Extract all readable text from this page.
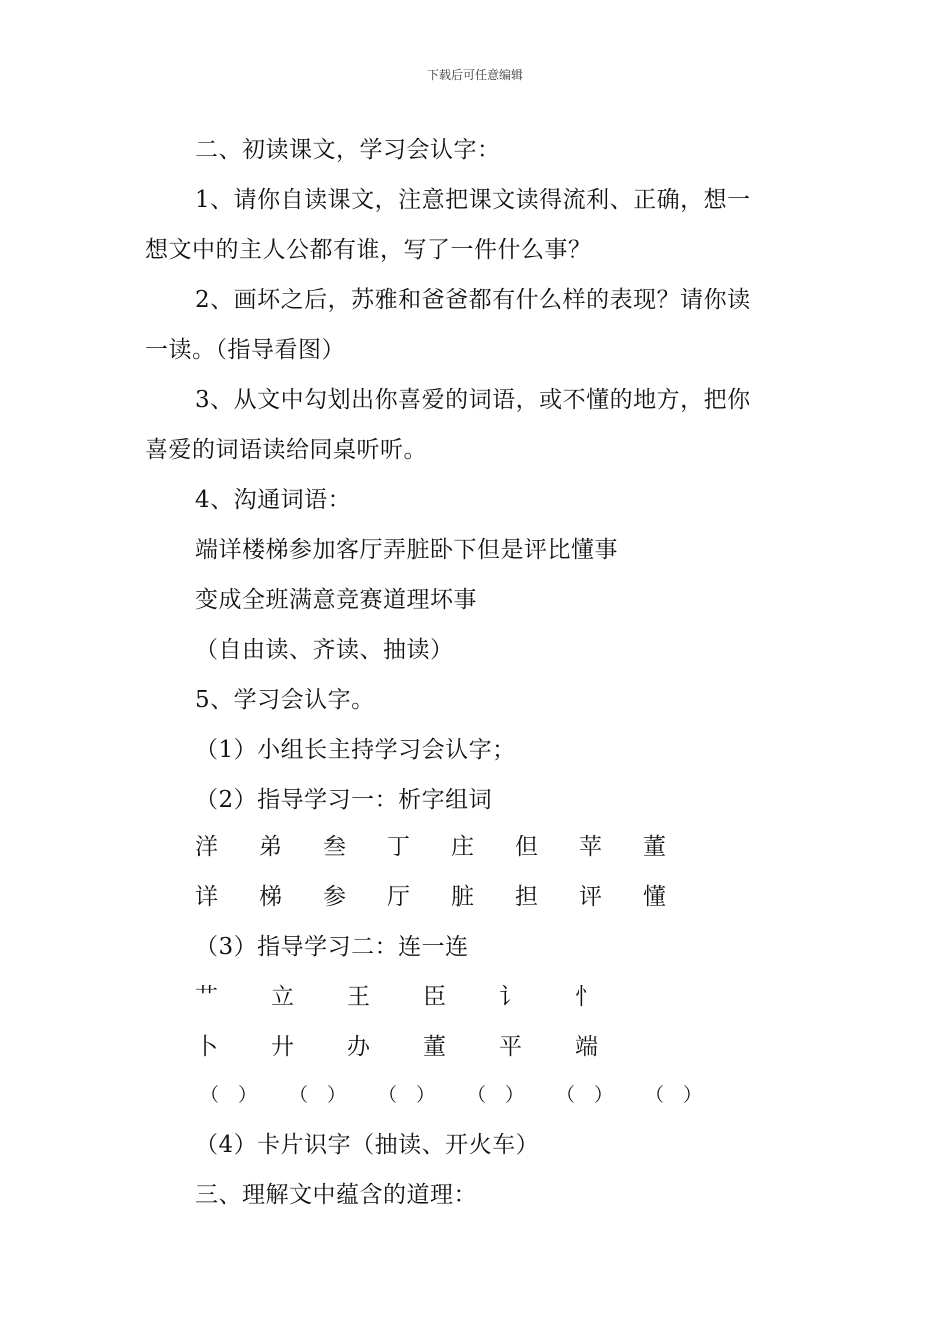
下载后可任意编辑
二、初读课文，学习会认字：
1、请你自读课文，注意把课文读得流利、正确，想一
想文中的主人公都有谁，写了一件什么事？
2、画坏之后，苏雅和爸爸都有什么样的表现？请你读
一读。（指导看图）
3、从文中勾划出你喜爱的词语，或不懂的地方，把你
喜爱的词语读给同桌听听。
4、沟通词语：
端详楼梯参加客厅弄脏卧下但是评比懂事
变成全班满意竞赛道理坏事
（自由读、齐读、抽读）
5、学习会认字。
（1）小组长主持学习会认字；
（2）指导学习一：析字组词
洋	弟	叁	丁	庄	但	苹	董
详	梯	参	厅	脏	担	评	懂
（3）指导学习二：连一连
艹	立	王	臣	讠	忄
卜	廾	办	董	平	端
（　）	（　）	（　）	（　）	（　）	（　）
（4）卡片识字（抽读、开火车）
三、理解文中蕴含的道理：
